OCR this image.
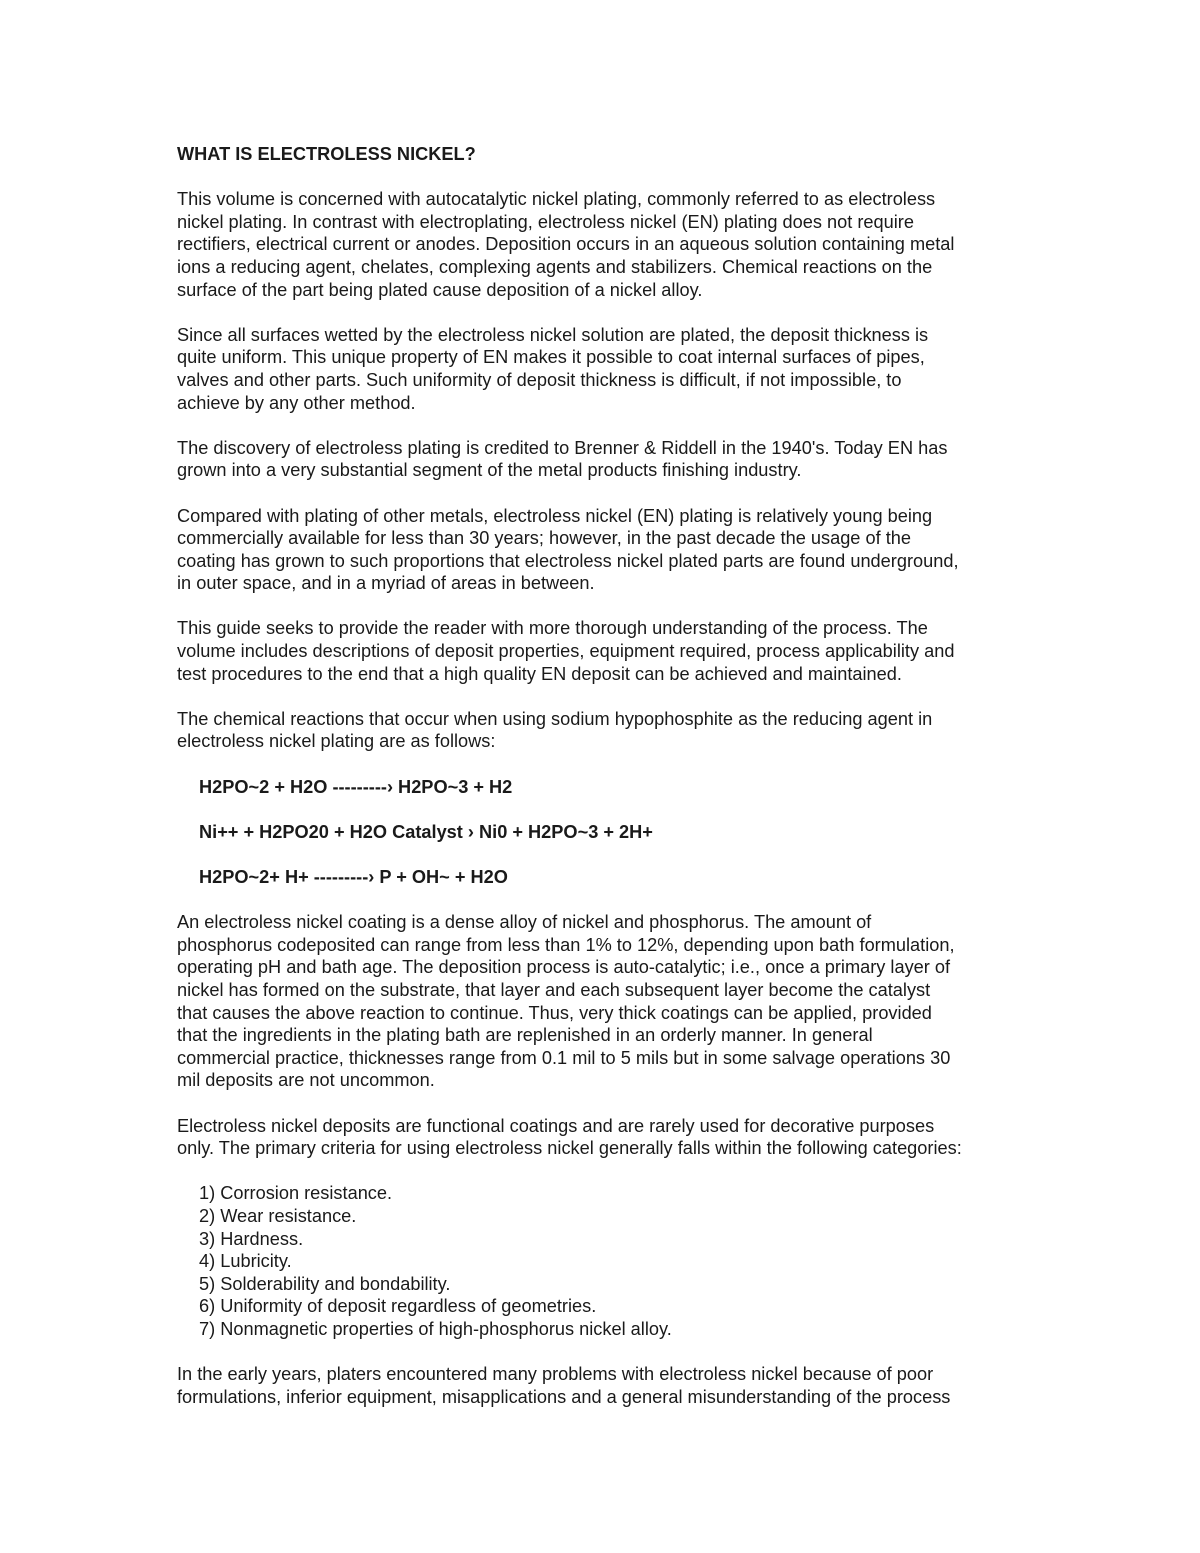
WHAT IS ELECTROLESS NICKEL?
This volume is concerned with autocatalytic nickel plating, commonly referred to as electroless
nickel plating. In contrast with electroplating, electroless nickel (EN) plating does not require
rectifiers, electrical current or anodes. Deposition occurs in an aqueous solution containing metal
ions a reducing agent, chelates, complexing agents and stabilizers. Chemical reactions on the
surface of the part being plated cause deposition of a nickel alloy.
Since all surfaces wetted by the electroless nickel solution are plated, the deposit thickness is
quite uniform. This unique property of EN makes it possible to coat internal surfaces of pipes,
valves and other parts. Such uniformity of deposit thickness is difficult, if not impossible, to
achieve by any other method.
The discovery of electroless plating is credited to Brenner & Riddell in the 1940's. Today EN has
grown into a very substantial segment of the metal products finishing industry.
Compared with plating of other metals, electroless nickel (EN) plating is relatively young being
commercially available for less than 30 years; however, in the past decade the usage of the
coating has grown to such proportions that electroless nickel plated parts are found underground,
in outer space, and in a myriad of areas in between.
This guide seeks to provide the reader with more thorough understanding of the process. The
volume includes descriptions of deposit properties, equipment required, process applicability and
test procedures to the end that a high quality EN deposit can be achieved and maintained.
The chemical reactions that occur when using sodium hypophosphite as the reducing agent in
electroless nickel plating are as follows:
H2PO~2 + H2O ---------› H2PO~3 + H2
Ni++ + H2PO20 + H2O Catalyst › Ni0 + H2PO~3 + 2H+
H2PO~2+ H+ ---------› P + OH~ + H2O
An electroless nickel coating is a dense alloy of nickel and phosphorus. The amount of
phosphorus codeposited can range from less than 1% to 12%, depending upon bath formulation,
operating pH and bath age. The deposition process is auto-catalytic; i.e., once a primary layer of
nickel has formed on the substrate, that layer and each subsequent layer become the catalyst
that causes the above reaction to continue. Thus, very thick coatings can be applied, provided
that the ingredients in the plating bath are replenished in an orderly manner. In general
commercial practice, thicknesses range from 0.1 mil to 5 mils but in some salvage operations 30
mil deposits are not uncommon.
Electroless nickel deposits are functional coatings and are rarely used for decorative purposes
only. The primary criteria for using electroless nickel generally falls within the following categories:
1) Corrosion resistance.
2) Wear resistance.
3) Hardness.
4) Lubricity.
5) Solderability and bondability.
6) Uniformity of deposit regardless of geometries.
7) Nonmagnetic properties of high-phosphorus nickel alloy.
In the early years, platers encountered many problems with electroless nickel because of poor
formulations, inferior equipment, misapplications and a general misunderstanding of the process
